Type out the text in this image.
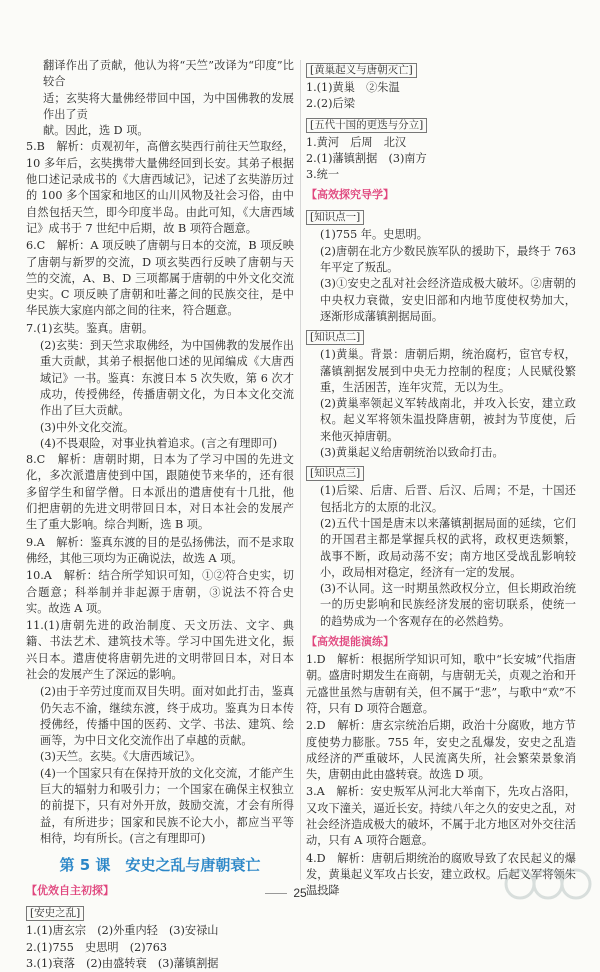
翻译作出了贡献，他认为将“天竺”改译为“印度”比较合

适；玄奘将大量佛经带回中国，为中国佛教的发展作出了贡

献。因此，选 D 项。

5.B　解析：贞观初年，高僧玄奘西行前往天竺取经，10 多年后，玄奘携带大量佛经回到长安。其弟子根据他口述记录成书的《大唐西域记》，记述了玄奘游历过的 100 多个国家和地区的山川风物及社会习俗，由中自然包括天竺，即今印度半岛。由此可知，《大唐西域记》成书于 7 世纪中后期，故 B 项符合题意。

6.C　解析：A 项反映了唐朝与日本的交流，B 项反映了唐朝与新罗的交流，D 项玄奘西行反映了唐朝与天竺的交流，A、B、D 三项都属于唐朝的中外文化交流史实。C 项反映了唐朝和吐蕃之间的民族交往，是中华民族大家庭内部之间的往来，符合题意。

7.(1)玄奘。鉴真。唐朝。

(2)玄奘：到天竺求取佛经，为中国佛教的发展作出重大贡献，其弟子根据他口述的见闻编成《大唐西域记》一书。鉴真：东渡日本 5 次失败，第 6 次才成功，传授佛经，传播唐朝文化，为日本文化交流作出了巨大贡献。

(3)中外文化交流。

(4)不畏艰险，对事业执着追求。(言之有理即可)

8.C　解析：唐朝时期，日本为了学习中国的先进文化，多次派遣唐使到中国，跟随使节来华的，还有很多留学生和留学僧。日本派出的遣唐使有十几批，他们把唐朝的先进文明带回日本，对日本社会的发展产生了重大影响。综合判断，选 B 项。

9.A　解析：鉴真东渡的目的是弘扬佛法，而不是求取佛经，其他三项均为正确说法，故选 A 项。

10.A　解析：结合所学知识可知，①②符合史实，切合题意；科举制并非起源于唐朝，③说法不符合史实。故选 A 项。

11.(1)唐朝先进的政治制度、天文历法、文字、典籍、书法艺术、建筑技术等。学习中国先进文化，振兴日本。遣唐使将唐朝先进的文明带回日本，对日本社会的发展产生了深远的影响。

(2)由于辛劳过度而双目失明。面对如此打击，鉴真仍矢志不渝，继续东渡，终于成功。鉴真为日本传授佛经，传播中国的医药、文学、书法、建筑、绘画等，为中日文化交流作出了卓越的贡献。

(3)天竺。玄奘。《大唐西域记》。

(4)一个国家只有在保持开放的文化交流，才能产生巨大的辐射力和吸引力；一个国家在确保主权独立的前提下，只有对外开放，鼓励交流，才会有所得益，有所进步；国家和民族不论大小，都应当平等相待，均有所长。(言之有理即可)

第 5 课　安史之乱与唐朝衰亡
【优效自主初探】
[安史之乱]

1.(1)唐玄宗　(2)外重内轻　(3)安禄山

2.(1)755　史思明　(2)763

3.(1)衰落　(2)由盛转衰　(3)藩镇割据

[黄巢起义与唐朝灭亡]

1.(1)黄巢　②朱温

2.(2)后梁

[五代十国的更迭与分立]

1.黄河　后周　北汉

2.(1)藩镇割据　(3)南方

3.统一

【高效探究导学】
[知识点一]

(1)755 年。史思明。

(2)唐朝在北方少数民族军队的援助下，最终于 763 年平定了叛乱。

(3)①安史之乱对社会经济造成极大破坏。②唐朝的中央权力衰微，安史旧部和内地节度使权势加大，逐渐形成藩镇割据局面。

[知识点二]

(1)黄巢。背景：唐朝后期，统治腐朽，宦官专权，藩镇割据发展到中央无力控制的程度；人民赋役繁重，生活困苦，连年灾荒，无以为生。

(2)黄巢率领起义军转战南北，并攻入长安，建立政权。起义军将领朱温投降唐朝，被封为节度使，后来他灭掉唐朝。

(3)黄巢起义给唐朝统治以致命打击。

[知识点三]

(1)后梁、后唐、后晋、后汉、后周；不是，十国还包括北方的太原的北汉。

(2)五代十国是唐末以来藩镇割据局面的延续，它们的开国君主都是掌握兵权的武将，政权更迭频繁，战事不断，政局动荡不安；南方地区受战乱影响较小，政局相对稳定，经济有一定的发展。

(3)不认同。这一时期虽然政权分立，但长期政治统一的历史影响和民族经济发展的密切联系，使统一的趋势成为一个客观存在的必然趋势。

【高效提能演练】

1.D　解析：根据所学知识可知，歌中“长安城”代指唐朝。盛唐时期发生在商朝，与唐朝无关，贞观之治和开元盛世虽然与唐朝有关，但不属于“悲”，与歌中“欢”不符，只有 D 项符合题意。

2.D　解析：唐玄宗统治后期，政治十分腐败，地方节度使势力膨胀。755 年，安史之乱爆发，安史之乱造成经济的严重破坏，人民流离失所，社会繁荣景象消失，唐朝由此由盛转衰。故选 D 项。

3.A　解析：安史叛军从河北大举南下，先攻占洛阳，又攻下潼关，逼近长安。持续八年之久的安史之乱，对社会经济造成极大的破坏，不属于北方地区对外交往活动，只有 A 项符合题意。

4.D　解析：唐朝后期统治的腐败导致了农民起义的爆发，黄巢起义军攻占长安，建立政权。后起义军将领朱温投降

25
